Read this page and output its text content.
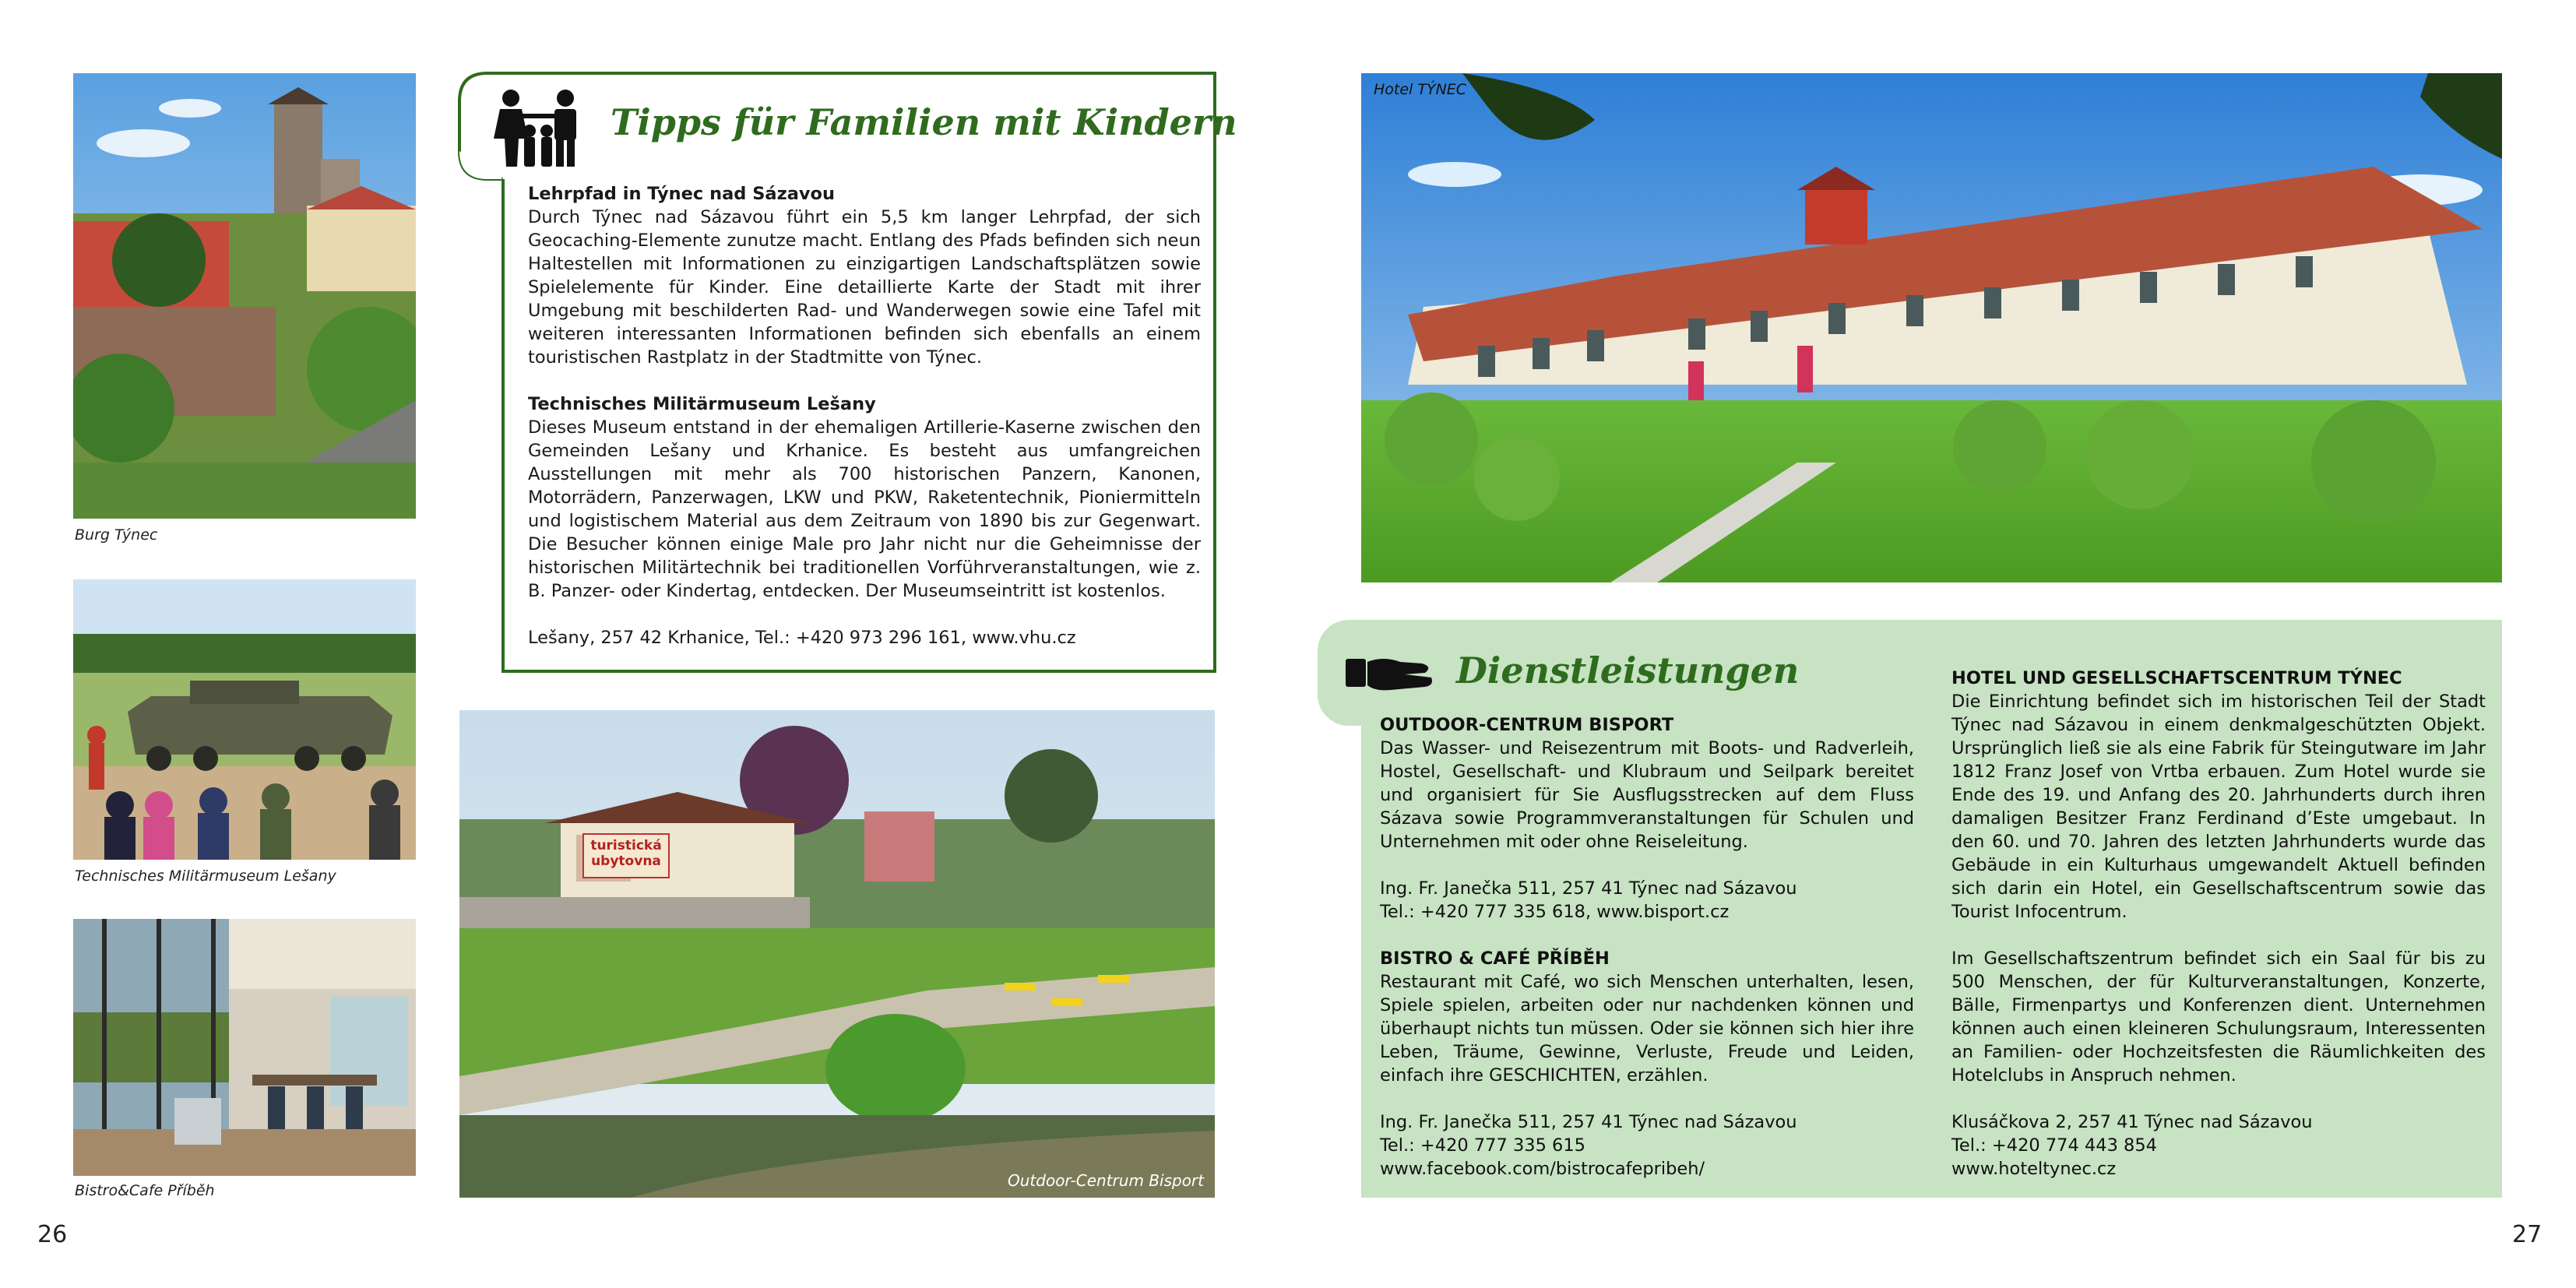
Burg Týnec
Technisches Militärmuseum Lešany
Bistro&Cafe Příběh
Tipps für Familien mit Kindern
Lehrpfad in Týnec nad Sázavou

Durch Týnec nad Sázavou führt ein 5,5 km langer Lehrpfad, der sich Geocaching-Elemente zunutze macht. Entlang des Pfads befinden sich neun Haltestellen mit Informationen zu einzigartigen Landschaftsplätzen sowie Spielelemente für Kinder. Eine detaillierte Karte der Stadt mit ihrer Umgebung mit beschilderten Rad- und Wanderwegen sowie eine Tafel mit weiteren interessanten Informationen befinden sich ebenfalls an einem touristischen Rastplatz in der Stadtmitte von Týnec.

Technisches Militärmuseum Lešany

Dieses Museum entstand in der ehemaligen Artillerie-Kaserne zwischen den Gemeinden Lešany und Krhanice. Es besteht aus umfangreichen Ausstellungen mit mehr als 700 historischen Panzern, Kanonen, Motorrädern, Panzerwagen, LKW und PKW, Raketentechnik, Pioniermitteln und logistischem Material aus dem Zeitraum von 1890 bis zur Gegenwart. Die Besucher können einige Male pro Jahr nicht nur die Geheimnisse der historischen Militärtechnik bei traditionellen Vorführveranstaltungen, wie z. B. Panzer- oder Kindertag, entdecken. Der Museumseintritt ist kostenlos.

Lešany, 257 42 Krhanice, Tel.: +420 973 296 161, www.vhu.cz

turistická
ubytovna
Outdoor-Centrum Bisport
26
Hotel TÝNEC
Dienstleistungen
OUTDOOR-CENTRUM BISPORT

Das Wasser- und Reisezentrum mit Boots- und Radverleih, Hostel, Gesellschaft- und Klubraum und Seilpark bereitet und organisiert für Sie Ausflugsstrecken auf dem Fluss Sázava sowie Programmveranstaltungen für Schulen und Unternehmen mit oder ohne Reiseleitung.

Ing. Fr. Janečka 511, 257 41 Týnec nad Sázavou
Tel.: +420 777 335 618, www.bisport.cz

BISTRO & CAFÉ PŘÍBĚH

Restaurant mit Café, wo sich Menschen unterhalten, lesen, Spiele spielen, arbeiten oder nur nachdenken können und überhaupt nichts tun müssen. Oder sie können sich hier ihre Leben, Träume, Gewinne, Verluste, Freude und Leiden, einfach ihre GESCHICHTEN, erzählen.

Ing. Fr. Janečka 511, 257 41 Týnec nad Sázavou
Tel.: +420 777 335 615
www.facebook.com/bistrocafepribeh/

HOTEL UND GESELLSCHAFTSCENTRUM TÝNEC

Die Einrichtung befindet sich im historischen Teil der Stadt Týnec nad Sázavou in einem denkmalgeschützten Objekt. Ursprünglich ließ sie als eine Fabrik für Steingutware im Jahr 1812 Franz Josef von Vrtba erbauen. Zum Hotel wurde sie Ende des 19. und Anfang des 20. Jahrhunderts durch ihren damaligen Besitzer Franz Ferdinand d’Este umgebaut. In den 60. und 70. Jahren des letzten Jahrhunderts wurde das Gebäude in ein Kulturhaus umgewandelt Aktuell befinden sich darin ein Hotel, ein Gesellschaftscentrum sowie das Tourist Infocentrum.

Im Gesellschaftszentrum befindet sich ein Saal für bis zu 500 Menschen, der für Kulturveranstaltungen, Konzerte, Bälle, Firmenpartys und Konferenzen dient. Unternehmen können auch einen kleineren Schulungsraum, Interessenten an Familien- oder Hochzeitsfesten die Räumlichkeiten des Hotelclubs in Anspruch nehmen.

Klusáčkova 2, 257 41 Týnec nad Sázavou
Tel.: +420 774 443 854
www.hoteltynec.cz

27
